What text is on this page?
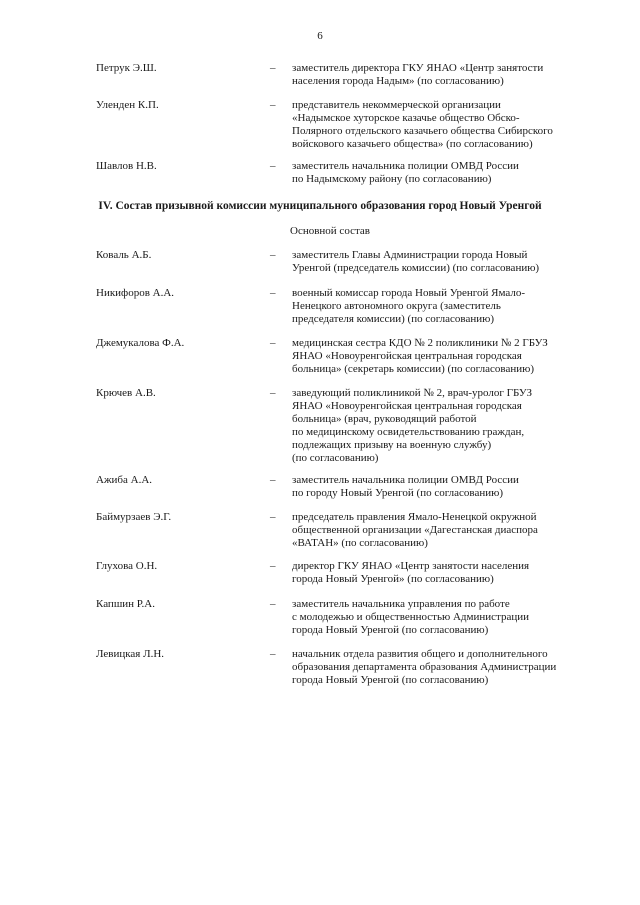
6
Петрук Э.Ш.	– заместитель директора ГКУ ЯНАО «Центр занятости
населения города Надым» (по согласованию)
Уленден К.П.	– представитель некоммерческой организации
«Надымское хуторское казачье общество Обско-
Полярного отдельского казачьего общества Сибирского
войскового казачьего общества» (по согласованию)
Шавлов Н.В.	– заместитель начальника полиции ОМВД России
по Надымскому району (по согласованию)
IV. Состав призывной комиссии муниципального образования город Новый Уренгой
Основной состав
Коваль А.Б.	– заместитель Главы Администрации города Новый
Уренгой (председатель комиссии) (по согласованию)
Никифоров А.А.	– военный комиссар города Новый Уренгой Ямало-
Ненецкого автономного округа (заместитель
председателя комиссии) (по согласованию)
Джемукалова Ф.А.	– медицинская сестра КДО № 2 поликлиники № 2 ГБУЗ
ЯНАО «Новоуренгойская центральная городская
больница» (секретарь комиссии) (по согласованию)
Крючев А.В.	– заведующий поликлиникой № 2, врач-уролог ГБУЗ
ЯНАО «Новоуренгойская центральная городская
больница» (врач, руководящий работой
по медицинскому освидетельствованию граждан,
подлежащих призыву на военную службу)
(по согласованию)
Ажиба А.А.	– заместитель начальника полиции ОМВД России
по городу Новый Уренгой (по согласованию)
Баймурзаев Э.Г.	– председатель правления Ямало-Ненецкой окружной
общественной организации «Дагестанская диаспора
«ВАТАН» (по согласованию)
Глухова О.Н.	– директор ГКУ ЯНАО «Центр занятости населения
города Новый Уренгой» (по согласованию)
Капшин Р.А.	– заместитель начальника управления по работе
с молодежью и общественностью Администрации
города Новый Уренгой (по согласованию)
Левицкая Л.Н.	– начальник отдела развития общего и дополнительного
образования департамента образования Администрации
города Новый Уренгой (по согласованию)
